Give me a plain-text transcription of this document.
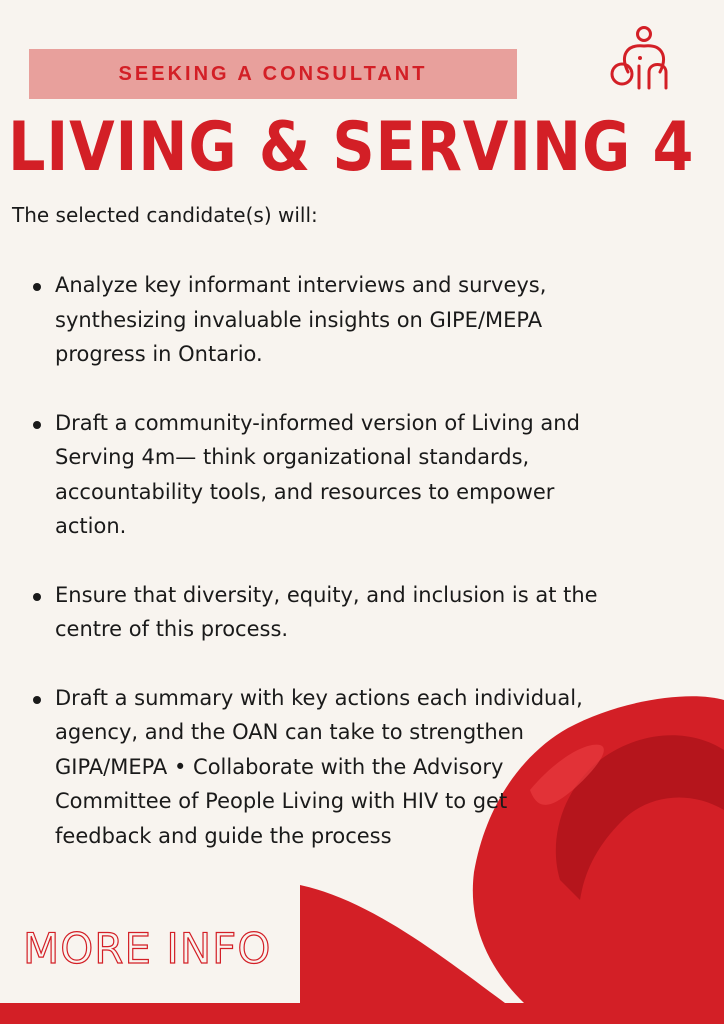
SEEKING A CONSULTANT
LIVING & SERVING 4
The selected candidate(s) will:
Analyze key informant interviews and surveys, synthesizing invaluable insights on GIPE/MEPA progress in Ontario.
Draft a community-informed version of Living and Serving 4m— think organizational standards, accountability tools, and resources to empower action.
Ensure that diversity, equity, and inclusion is at the centre of this process.
Draft a summary with key actions each individual, agency, and the OAN can take to strengthen GIPA/MEPA • Collaborate with the Advisory Committee of People Living with HIV to get feedback and guide the process
MORE INFO
